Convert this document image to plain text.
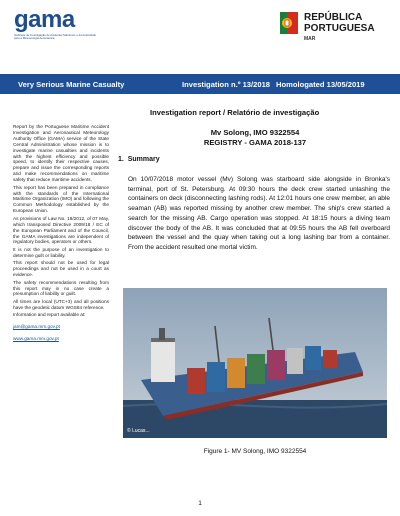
gama
Gabinete de Investigação de Acidentes Marítimos e da Autoridade para a Meteorologia Aeronáutica
REPÚBLICA
PORTUGUESA
MAR
Very Serious Marine Casualty	Investigation n.º 13/2018 Homologated 13/05/2019
Investigation report / Relatório de investigação

Report by the Portuguese Maritime Accident Investigation and Aeronautical Meteorology Authority Office (GAMA) service of the State Central Administration whose mission is to investigate marine casualties and incidents with the highest efficiency and possible speed, to identify their respective causes, prepare and issue the corresponding reports and make recommendations on maritime safety that reduce maritime accidents.

This report has been prepared in compliance with the standards of the International Maritime Organization (IMO) and following the Common Methodology established by the European Union.

As provisions of Law No. 18/2012, of 07 May, which transposed Directive 2009/18 / EC of the European Parliament and of the Council, the GAMA investigations are independent of regulatory bodies, operators or others.

It is not the purpose of an investigation to determine guilt or liability.

This report should not be used for legal proceedings and not be used in a court as evidence.

The safety recommendations resulting from this report may in no case create a presumption of liability or guilt.

All times are local (UTC+3) and all positions have the geodetic datum WGS84 reference.

Information and report available at:

jam@gama.mm.gov.pt
www.gama.mm.gov.pt
Mv Solong, IMO 9322554
REGISTRY - GAMA 2018-137
1. Summary
On 10/07/2018 motor vessel (Mv) Solong was starboard side alongside in Bronka's terminal, port of St. Petersburg. At 09:30 hours the deck crew started unlashing the containers on deck (disconnecting lashing rods). At 12:01 hours one crew member, an able seaman (AB) was reported missing by another crew member. The ship's crew started a search for the missing AB. Cargo operation was stopped. At 18:15 hours a diving team discover the body of the AB. It was concluded that at 09:55 hours the AB fell overboard between the vessel and the quay when taking out a long lashing bar from a container. From the accident resulted one mortal victim.
© Lucas...
Figure 1- MV Solong, IMO 9322554
1
